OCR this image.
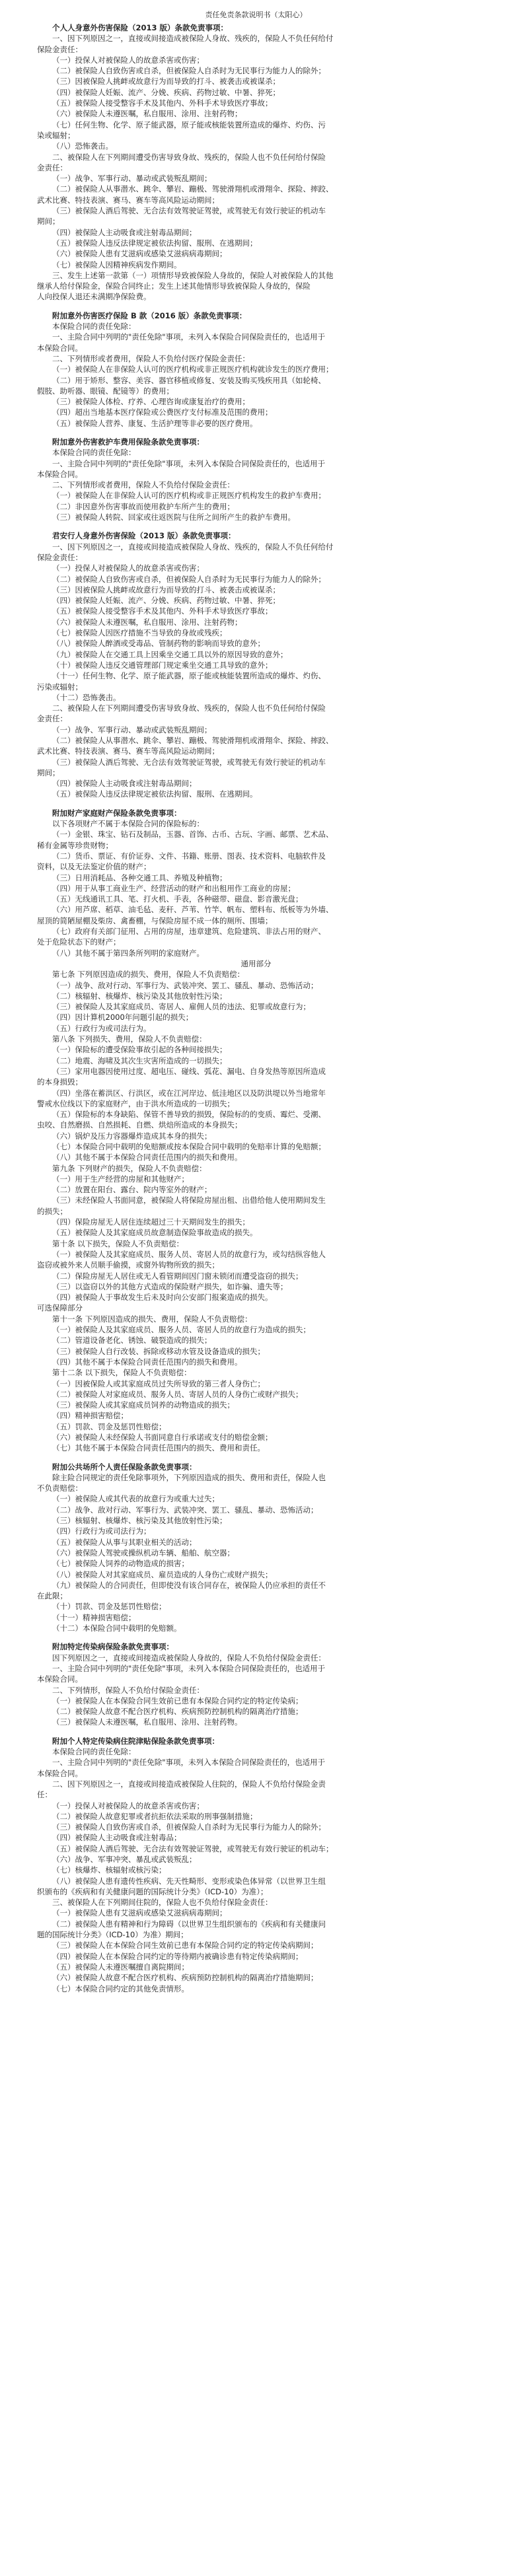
责任免责条款说明书（太阳心）
个人人身意外伤害保险（2013 版）条款免责事项：
一、因下列原因之一，直接或间接造成被保险人身故、残疾的，保险人不负任何给付
保险金责任：
（一）投保人对被保险人的故意杀害或伤害；
（二）被保险人自致伤害或自杀，但被保险人自杀时为无民事行为能力人的除外；
（三）因被保险人挑衅或故意行为而导致的打斗、被袭击或被谋杀；
（四）被保险人妊娠、流产、分娩、疾病、药物过敏、中暑、猝死；
（五）被保险人接受整容手术及其他内、外科手术导致医疗事故；
（六）被保险人未遵医嘱，私自服用、涂用、注射药物；
（七）任何生物、化学、原子能武器，原子能或核能装置所造成的爆炸、灼伤、污
染或辐射；
（八）恐怖袭击。
二、被保险人在下列期间遭受伤害导致身故、残疾的，保险人也不负任何给付保险
金责任：
（一）战争、军事行动、暴动或武装叛乱期间；
（二）被保险人从事潜水、跳伞、攀岩、蹦极、驾驶滑翔机或滑翔伞、探险、摔跤、
武术比赛、特技表演、赛马、赛车等高风险运动期间；
（三）被保险人酒后驾驶、无合法有效驾驶证驾驶，或驾驶无有效行驶证的机动车
期间；
（四）被保险人主动吸食或注射毒品期间；
（五）被保险人违反法律规定被依法拘留、服刑、在逃期间；
（六）被保险人患有艾滋病或感染艾滋病病毒期间；
（七）被保险人因精神疾病发作期间。
三、发生上述第一款第（一）项情形导致被保险人身故的，保险人对被保险人的其他
继承人给付保险金，保险合同终止；发生上述其他情形导致被保险人身故的，保险
人向投保人退还未满期净保险费。
附加意外伤害医疗保险 B 款（2016 版）条款免责事项：
本保险合同的责任免除：
一、主险合同中列明的"责任免除"事项，未列入本保险合同保险责任的，也适用于
本保险合同。
二、下列情形或者费用，保险人不负给付医疗保险金责任：
（一）被保险人在非保险人认可的医疗机构或非正规医疗机构就诊发生的医疗费用；
（二）用于矫形、整容、美容、器官移植或修复、安装及购买残疾用具（如轮椅、
假肢、助听器、眼镜、配镜等）的费用；
（三）被保险人体检、疗养、心理咨询或康复治疗的费用；
（四）超出当地基本医疗保险或公费医疗支付标准及范围的费用；
（五）被保险人营养、康复、生活护理等非必要的医疗费用。
附加意外伤害救护车费用保险条款免责事项：
本保险合同的责任免除：
一、主险合同中列明的"责任免除"事项，未列入本保险合同保险责任的，也适用于
本保险合同。
二、下列情形或者费用，保险人不负给付保险金责任：
（一）被保险人在非保险人认可的医疗机构或非正规医疗机构发生的救护车费用；
（二）非因意外伤害事故而使用救护车所产生的费用；
（三）被保险人转院、回家或往返医院与住所之间所产生的救护车费用。
君安行人身意外伤害保险（2013 版）条款免责事项：
一、因下列原因之一，直接或间接造成被保险人身故、残疾的，保险人不负任何给付
保险金责任：
（一）投保人对被保险人的故意杀害或伤害；
（二）被保险人自致伤害或自杀，但被保险人自杀时为无民事行为能力人的除外；
（三）因被保险人挑衅或故意行为而导致的打斗、被袭击或被谋杀；
（四）被保险人妊娠、流产、分娩、疾病、药物过敏、中暑、猝死；
（五）被保险人接受整容手术及其他内、外科手术导致医疗事故；
（六）被保险人未遵医嘱，私自服用、涂用、注射药物；
（七）被保险人因医疗措施不当导致的身故或残疾；
（八）被保险人醉酒或受毒品、管制药物的影响而导致的意外；
（九）被保险人在交通工具上因乘坐交通工具以外的原因导致的意外；
（十）被保险人违反交通管理部门规定乘坐交通工具导致的意外；
（十一）任何生物、化学、原子能武器，原子能或核能装置所造成的爆炸、灼伤、
污染或辐射；
（十二）恐怖袭击。
二、被保险人在下列期间遭受伤害导致身故、残疾的，保险人也不负任何给付保险
金责任：
（一）战争、军事行动、暴动或武装叛乱期间；
（二）被保险人从事潜水、跳伞、攀岩、蹦极、驾驶滑翔机或滑翔伞、探险、摔跤、
武术比赛、特技表演、赛马、赛车等高风险运动期间；
（三）被保险人酒后驾驶、无合法有效驾驶证驾驶，或驾驶无有效行驶证的机动车
期间；
（四）被保险人主动吸食或注射毒品期间；
（五）被保险人违反法律规定被依法拘留、服刑、在逃期间。
附加财产家庭财产保险条款免责事项：
以下各项财产不属于本保险合同的保险标的：
（一）金银、珠宝、钻石及制品，玉器、首饰、古币、古玩、字画、邮票、艺术品、
稀有金属等珍贵财物；
（二）货币、票证、有价证券、文件、书籍、账册、图表、技术资料、电脑软件及
资料，以及无法鉴定价值的财产；
（三）日用消耗品、各种交通工具、养殖及种植物；
（四）用于从事工商业生产、经营活动的财产和出租用作工商业的房屋；
（五）无线通讯工具、笔、打火机、手表，各种磁带、磁盘、影音激光盘；
（六）用芦席、稻草、油毛毡、麦秆、芦苇、竹竿、帆布、塑料布、纸板等为外墙、
屋顶的简陋屋棚及柴房、禽畜棚，与保险房屋不成一体的厕所、围墙；
（七）政府有关部门征用、占用的房屋，违章建筑、危险建筑、非法占用的财产、
处于危险状态下的财产；
（八）其他不属于第四条所列明的家庭财产。
通用部分
第七条 下列原因造成的损失、费用，保险人不负责赔偿：
（一）战争、敌对行动、军事行为、武装冲突、罢工、骚乱、暴动、恐怖活动；
（二）核辐射、核爆炸、核污染及其他放射性污染；
（三）被保险人及其家庭成员、寄居人、雇佣人员的违法、犯罪或故意行为；
（四）因计算机2000年问题引起的损失；
（五）行政行为或司法行为。
第八条 下列损失、费用，保险人不负责赔偿：
（一）保险标的遭受保险事故引起的各种间接损失；
（二）地震、海啸及其次生灾害所造成的一切损失；
（三）家用电器因使用过度、超电压、碰线、弧花、漏电、自身发热等原因所造成
的本身损毁；
（四）坐落在蓄洪区、行洪区，或在江河岸边、低洼地区以及防洪堤以外当地常年
警戒水位线以下的家庭财产，由于洪水所造成的一切损失；
（五）保险标的本身缺陷、保管不善导致的损毁，保险标的的变质、霉烂、受潮、
虫咬、自然磨损、自然损耗、自燃、烘焙所造成的本身损失；
（六）锅炉及压力容器爆炸造成其本身的损失；
（七）本保险合同中载明的免赔额或按本保险合同中载明的免赔率计算的免赔额；
（八）其他不属于本保险合同责任范围内的损失和费用。
第九条 下列财产的损失，保险人不负责赔偿：
（一）用于生产经营的房屋和其他财产；
（二）放置在阳台、露台、院内等室外的财产；
（三）未经保险人书面同意，被保险人将保险房屋出租、出借给他人使用期间发生
的损失；
（四）保险房屋无人居住连续超过三十天期间发生的损失；
（五）被保险人及其家庭成员故意制造保险事故造成的损失。
第十条 以下损失，保险人不负责赔偿：
（一）被保险人及其家庭成员、服务人员、寄居人员的故意行为，或勾结纵容他人
盗窃或被外来人员顺手偷摸，或窗外钩物所致的损失；
（二）保险房屋无人居住或无人看管期间因门窗未锁闭而遭受盗窃的损失；
（三）以盗窃以外的其他方式造成的保险财产损失，如诈骗、遗失等；
（四）被保险人于事故发生后未及时向公安部门报案造成的损失。
可选保障部分
第十一条 下列原因造成的损失、费用，保险人不负责赔偿：
（一）被保险人及其家庭成员、服务人员、寄居人员的故意行为造成的损失；
（二）管道设备老化、锈蚀、破裂造成的损失；
（三）被保险人自行改装、拆除或移动水管及设备造成的损失；
（四）其他不属于本保险合同责任范围内的损失和费用。
第十二条 以下损失，保险人不负责赔偿：
（一）因被保险人或其家庭成员过失所导致的第三者人身伤亡；
（二）被保险人对家庭成员、服务人员、寄居人员的人身伤亡或财产损失；
（三）被保险人或其家庭成员饲养的动物造成的损失；
（四）精神损害赔偿；
（五）罚款、罚金及惩罚性赔偿；
（六）被保险人未经保险人书面同意自行承诺或支付的赔偿金额；
（七）其他不属于本保险合同责任范围内的损失、费用和责任。
附加公共场所个人责任保险条款免责事项：
除主险合同规定的责任免除事项外，下列原因造成的损失、费用和责任，保险人也
不负责赔偿：
（一）被保险人或其代表的故意行为或重大过失；
（二）战争、敌对行动、军事行为、武装冲突、罢工、骚乱、暴动、恐怖活动；
（三）核辐射、核爆炸、核污染及其他放射性污染；
（四）行政行为或司法行为；
（五）被保险人从事与其职业相关的活动；
（六）被保险人驾驶或操纵机动车辆、船舶、航空器；
（七）被保险人饲养的动物造成的损害；
（八）被保险人对其家庭成员、雇员造成的人身伤亡或财产损失；
（九）被保险人的合同责任，但即使没有该合同存在，被保险人仍应承担的责任不
在此限；
（十）罚款、罚金及惩罚性赔偿；
（十一）精神损害赔偿；
（十二）本保险合同中载明的免赔额。
附加特定传染病保险条款免责事项：
因下列原因之一，直接或间接造成被保险人身故的，保险人不负给付保险金责任：
一、主险合同中列明的"责任免除"事项，未列入本保险合同保险责任的，也适用于
本保险合同。
二、下列情形，保险人不负给付保险金责任：
（一）被保险人在本保险合同生效前已患有本保险合同约定的特定传染病；
（二）被保险人故意不配合医疗机构、疾病预防控制机构的隔离治疗措施；
（三）被保险人未遵医嘱，私自服用、涂用、注射药物。
附加个人特定传染病住院津贴保险条款免责事项：
本保险合同的责任免除：
一、主险合同中列明的"责任免除"事项，未列入本保险合同保险责任的，也适用于
本保险合同。
二、因下列原因之一，直接或间接造成被保险人住院的，保险人不负给付保险金责
任：
（一）投保人对被保险人的故意杀害或伤害；
（二）被保险人故意犯罪或者抗拒依法采取的刑事强制措施；
（三）被保险人自致伤害或自杀，但被保险人自杀时为无民事行为能力人的除外；
（四）被保险人主动吸食或注射毒品；
（五）被保险人酒后驾驶、无合法有效驾驶证驾驶，或驾驶无有效行驶证的机动车；
（六）战争、军事冲突、暴乱或武装叛乱；
（七）核爆炸、核辐射或核污染；
（八）被保险人患有遗传性疾病、先天性畸形、变形或染色体异常（以世界卫生组
织颁布的《疾病和有关健康问题的国际统计分类》（ICD-10）为准）；
三、被保险人在下列期间住院的，保险人也不负给付保险金责任：
（一）被保险人患有艾滋病或感染艾滋病病毒期间；
（二）被保险人患有精神和行为障碍（以世界卫生组织颁布的《疾病和有关健康问
题的国际统计分类》（ICD-10）为准）期间；
（三）被保险人在本保险合同生效前已患有本保险合同约定的特定传染病期间；
（四）被保险人在本保险合同约定的等待期内被确诊患有特定传染病期间；
（五）被保险人未遵医嘱擅自离院期间；
（六）被保险人故意不配合医疗机构、疾病预防控制机构的隔离治疗措施期间；
（七）本保险合同约定的其他免责情形。
